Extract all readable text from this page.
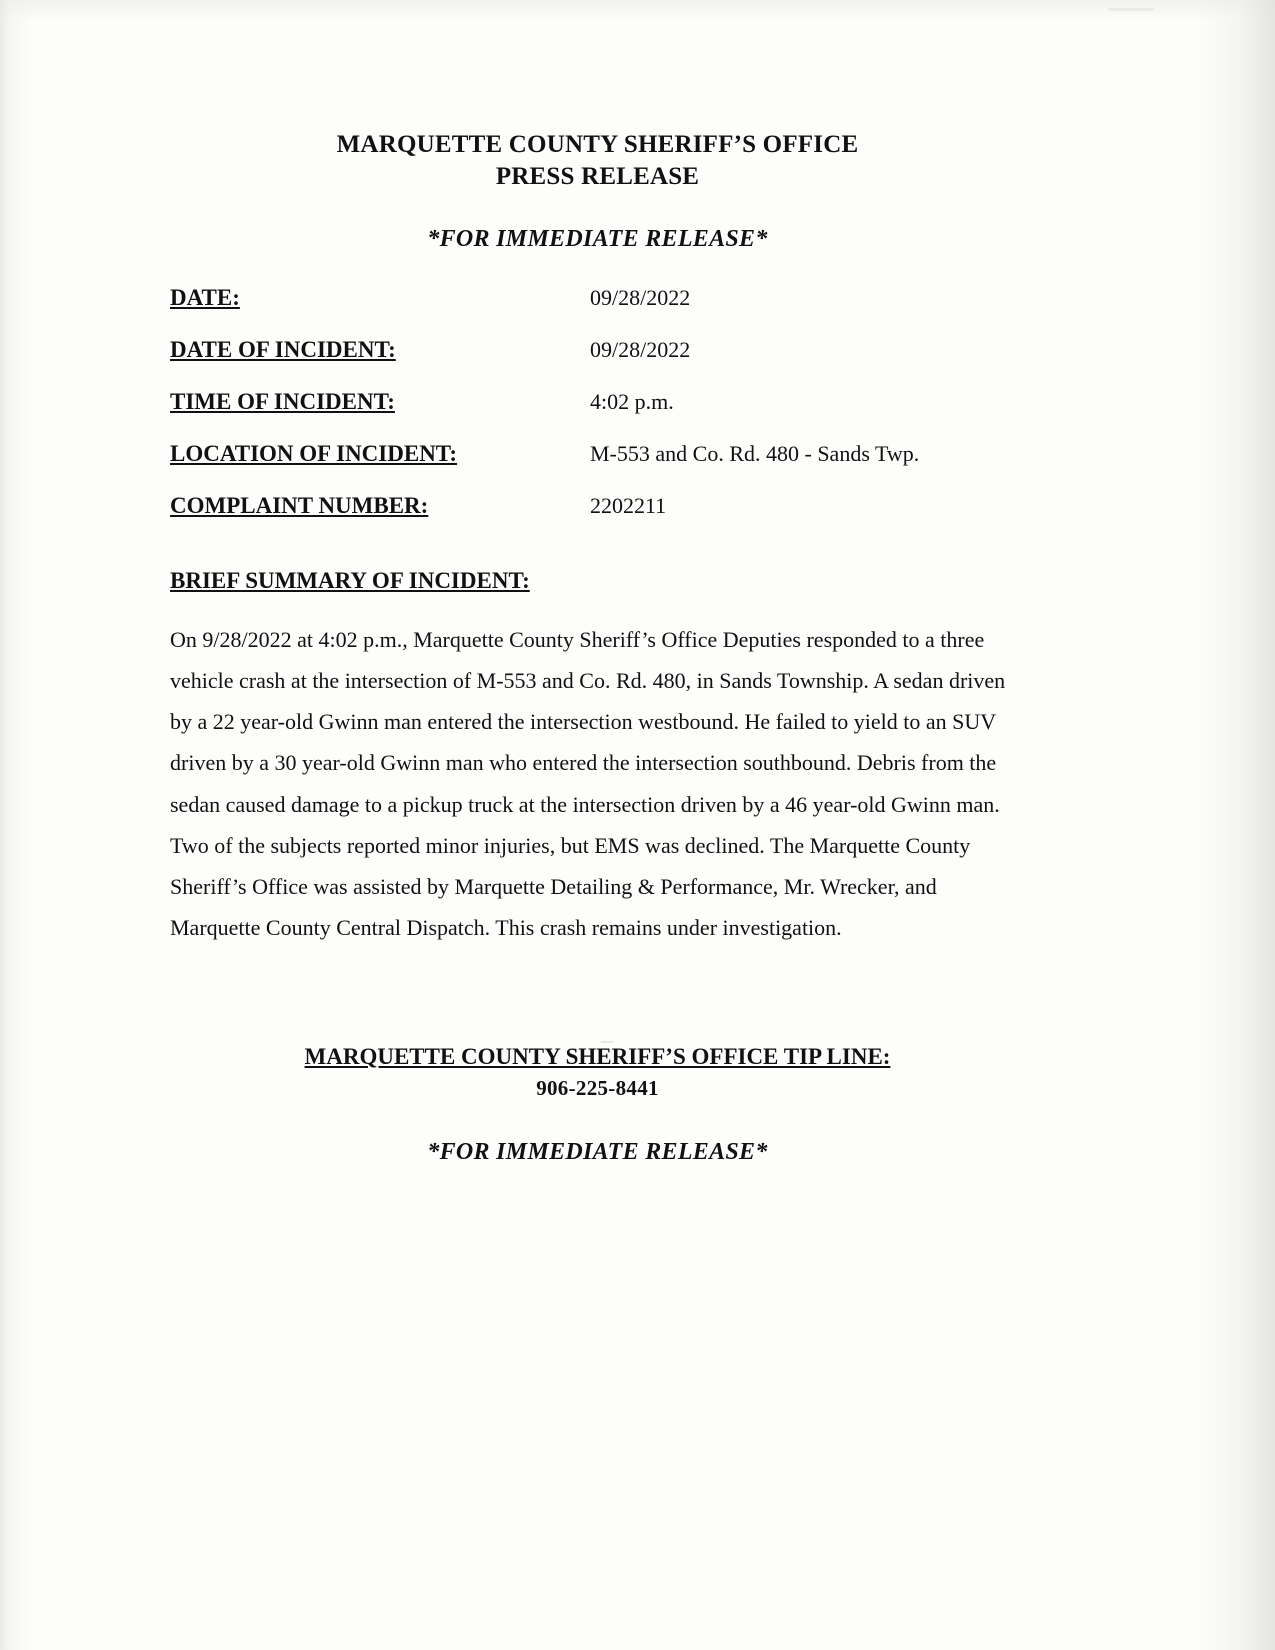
MARQUETTE COUNTY SHERIFF’S OFFICE
PRESS RELEASE
*FOR IMMEDIATE RELEASE*
DATE:	09/28/2022
DATE OF INCIDENT:	09/28/2022
TIME OF INCIDENT:	4:02 p.m.
LOCATION OF INCIDENT:	M-553 and Co. Rd. 480 - Sands Twp.
COMPLAINT NUMBER:	2202211
BRIEF SUMMARY OF INCIDENT:
On 9/28/2022 at 4:02 p.m., Marquette County Sheriff’s Office Deputies responded to a three vehicle crash at the intersection of M-553 and Co. Rd. 480, in Sands Township. A sedan driven by a 22 year-old Gwinn man entered the intersection westbound. He failed to yield to an SUV driven by a 30 year-old Gwinn man who entered the intersection southbound. Debris from the sedan caused damage to a pickup truck at the intersection driven by a 46 year-old Gwinn man. Two of the subjects reported minor injuries, but EMS was declined. The Marquette County Sheriff’s Office was assisted by Marquette Detailing & Performance, Mr. Wrecker, and Marquette County Central Dispatch. This crash remains under investigation.
MARQUETTE COUNTY SHERIFF’S OFFICE TIP LINE:
906-225-8441
*FOR IMMEDIATE RELEASE*
